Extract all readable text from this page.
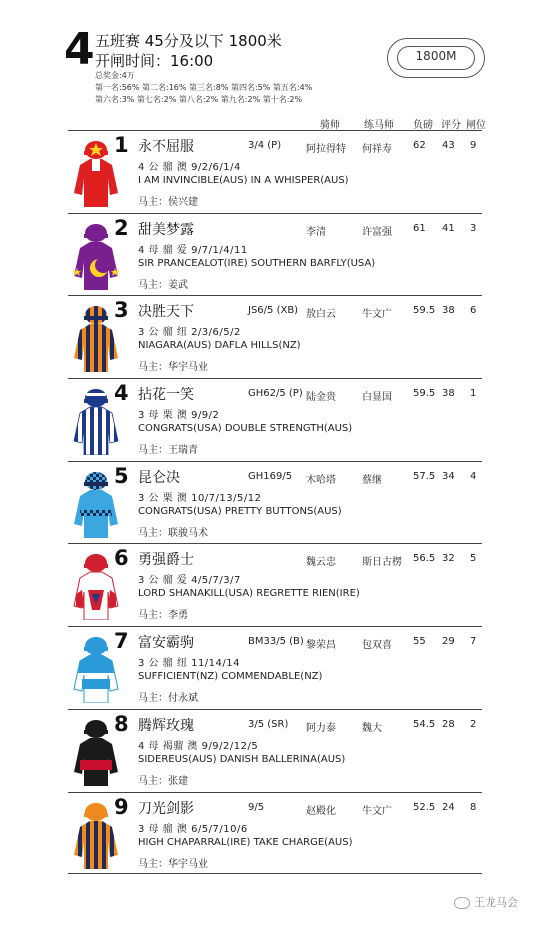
4 五班赛 45分及以下 1800米
开闸时间：16:00
总奖金:4万
第一名:56% 第二名:16% 第三名:8% 第四名:5% 第五名:4%
第六名:3% 第七名:2% 第八名:2% 第九名:2% 第十名:2%
1800M
骑师 练马师 负磅 评分 闸位
1 永不屈服	3/4 (P) 阿拉得特 何祥寿 62 43 9
4 公 骝 澳 9/2/6/1/4
I AM INVINCIBLE(AUS) IN A WHISPER(AUS)
马主：侯兴建
2 甜美梦露	李清	许富强 61 41 3
4 母 骝 爱 9/7/1/4/11
SIR PRANCEALOT(IRE) SOUTHERN BARFLY(USA)
马主：姜武
3 决胜天下	JS6/5 (XB) 敖白云	牛文广 59.5 38 6
3 公 骝 纽 2/3/6/5/2
NIAGARA(AUS) DAFLA HILLS(NZ)
马主：华宇马业
4 拈花一笑	GH62/5 (P) 陆金贵	白显国 59.5 38 1
3 母 栗 澳 9/9/2
CONGRATS(USA) DOUBLE STRENGTH(AUS)
马主：王瑞青
5 昆仑决	GH169/5 木哈塔	蔡继	57.5 34 4
3 公 栗 澳 10/7/13/5/12
CONGRATS(USA) PRETTY BUTTONS(AUS)
马主：联骏马术
6 勇强爵士	魏云忠	斯日古楞 56.5 32 5
3 公 骝 爱 4/5/7/3/7
LORD SHANAKILL(USA) REGRETTE RIEN(IRE)
马主：李勇
7 富安霸驹	BM33/5 (B) 黎荣昌	包双喜 55 29 7
3 公 骝 纽 11/14/14
SUFFICIENT(NZ) COMMENDABLE(NZ)
马主：付永斌
8 腾辉玫瑰	3/5 (SR) 阿力泰	魏大	54.5 28 2
4 母 褐骝 澳 9/9/2/12/5
SIDEREUS(AUS) DANISH BALLERINA(AUS)
马主：张建
9 刀光剑影	9/5	赵殿化	牛文广 52.5 24 8
3 母 骝 澳 6/5/7/10/6
HIGH CHAPARRAL(IRE) TAKE CHARGE(AUS)
马主：华宇马业
王龙马会
